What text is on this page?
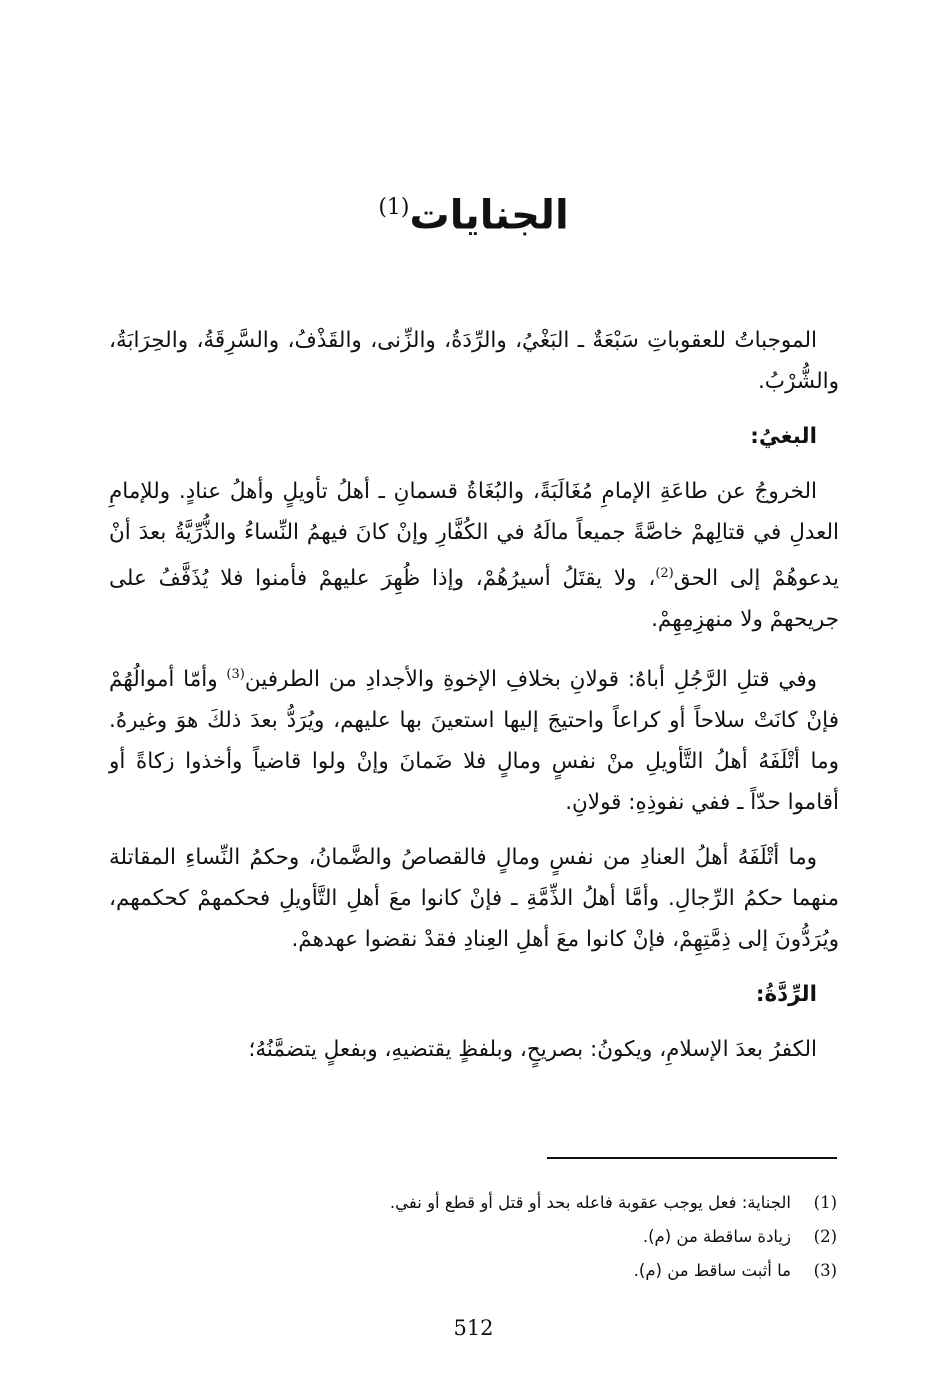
الجنايات$^{(1)}$

الموجباتُ للعقوباتِ سَبْعَةٌ ـ البَغْيُ، والرِّدَةُ، والزِّنى، والقَذْفُ، والسَّرِقَةُ، والحِرَابَةُ، والشُّرْبُ.

البغيُ:

الخروجُ عن طاعَةِ الإمامِ مُغَالَبَةً، والبُغَاةُ قسمانِ ـ أهلُ تأويلٍ وأهلُ عنادٍ. وللإمامِ العدلِ في قتالِهمْ خاصَّةً جميعاً مالَهُ في الكُفَّارِ وإنْ كانَ فيهمُ النِّساءُ والذُّرِّيَّةُ بعدَ أنْ يدعوهُمْ إلى الحق$^{(2)}$، ولا يقتَلُ أسيرُهُمْ، وإذا ظُهِرَ عليهمْ فأمنوا فلا يُذَفَّفُ على جريحهمْ ولا منهزِمِهِمْ.

وفي قتلِ الرَّجُلِ أباهُ: قولانِ بخلافِ الإخوةِ والأجدادِ من الطرفين$^{(3)}$ وأمّا أموالُهُمْ فإنْ كانَتْ سلاحاً أو كراعاً واحتيجَ إليها استعينَ بها عليهم، ويُرَدُّ بعدَ ذلكَ هوَ وغيرهُ. وما أتْلَفَهُ أهلُ التَّأويلِ منْ نفسٍ ومالٍ فلا ضَمانَ وإنْ ولوا قاضياً وأخذوا زكاةً أو أقاموا حدّاً ـ ففي نفوذِهِ: قولانِ.

وما أتْلَفَهُ أهلُ العنادِ من نفسٍ ومالٍ فالقصاصُ والضَّمانُ، وحكمُ النِّساءِ المقاتلة منهما حكمُ الرِّجالِ. وأمَّا أهلُ الذِّمَّةِ ـ فإنْ كانوا معَ أهلِ التَّأويلِ فحكمهمْ كحكمهم، ويُرَدُّونَ إلى ذِمَّتِهِمْ، فإنْ كانوا معَ أهلِ العِنادِ فقدْ نقضوا عهدهمْ.

الرِّدَّةُ:

الكفرُ بعدَ الإسلامِ، ويكونُ: بصريحٍ، وبلفظٍ يقتضيهِ، وبفعلٍ يتضمَّنُهُ؛

(1)الجناية: فعل يوجب عقوبة فاعله بحد أو قتل أو قطع أو نفي.
(2)زيادة ساقطة من (م).
(3)ما أثبت ساقط من (م).
512
